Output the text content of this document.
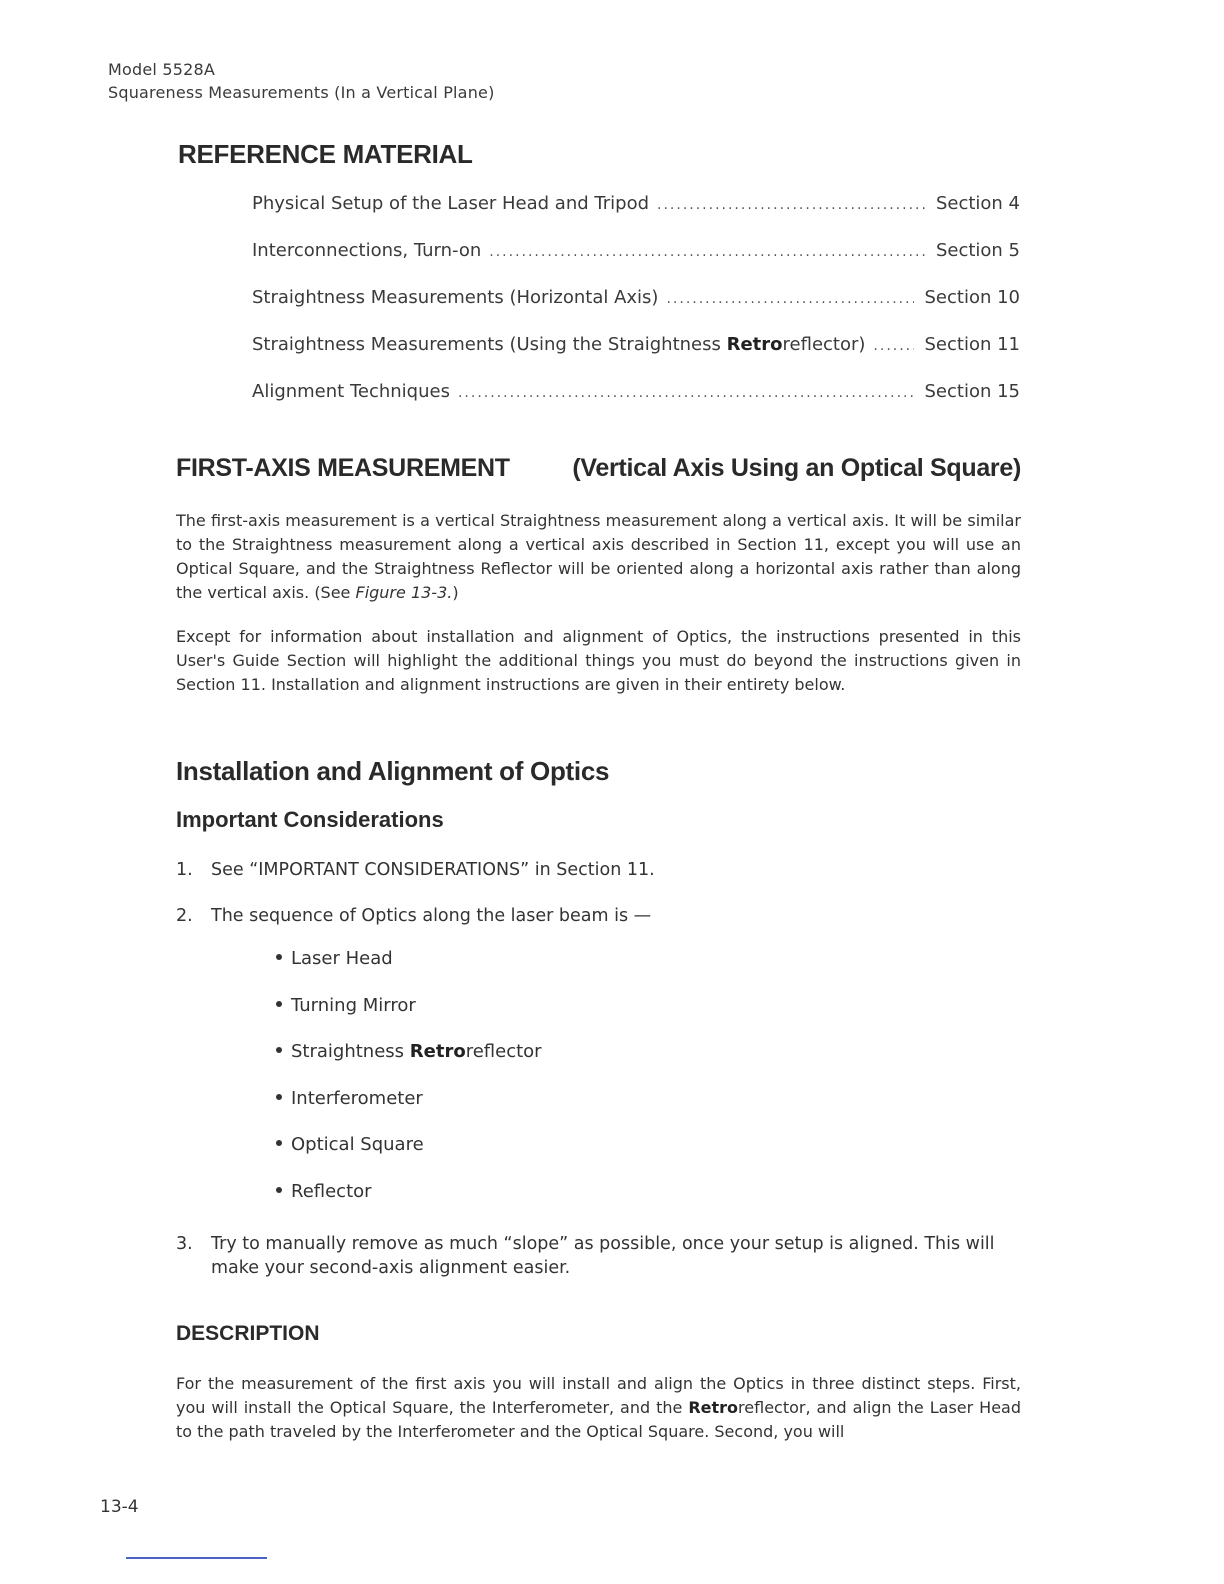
Model 5528A
Squareness Measurements (In a Vertical Plane)
REFERENCE MATERIAL
Physical Setup of the Laser Head and Tripod .....	Section 4
Interconnections, Turn-on .....	Section 5
Straightness Measurements (Horizontal Axis) .....	Section 10
Straightness Measurements (Using the Straightness Retroreflector) .....	Section 11
Alignment Techniques .....	Section 15
FIRST-AXIS MEASUREMENT	(Vertical Axis Using an Optical Square)
The first-axis measurement is a vertical Straightness measurement along a vertical axis. It will be similar to the Straightness measurement along a vertical axis described in Section 11, except you will use an Optical Square, and the Straightness Reflector will be oriented along a horizontal axis rather than along the vertical axis. (See Figure 13-3.)
Except for information about installation and alignment of Optics, the instructions presented in this User's Guide Section will highlight the additional things you must do beyond the instructions given in Section 11. Installation and alignment instructions are given in their entirety below.
Installation and Alignment of Optics
Important Considerations
1. See “IMPORTANT CONSIDERATIONS” in Section 11.
2. The sequence of Optics along the laser beam is —
Laser Head
Turning Mirror
Straightness Retroreflector
Interferometer
Optical Square
Reflector
3. Try to manually remove as much “slope” as possible, once your setup is aligned. This will make your second-axis alignment easier.
DESCRIPTION
For the measurement of the first axis you will install and align the Optics in three distinct steps. First, you will install the Optical Square, the Interferometer, and the Retroreflector, and align the Laser Head to the path traveled by the Interferometer and the Optical Square. Second, you will
13-4
